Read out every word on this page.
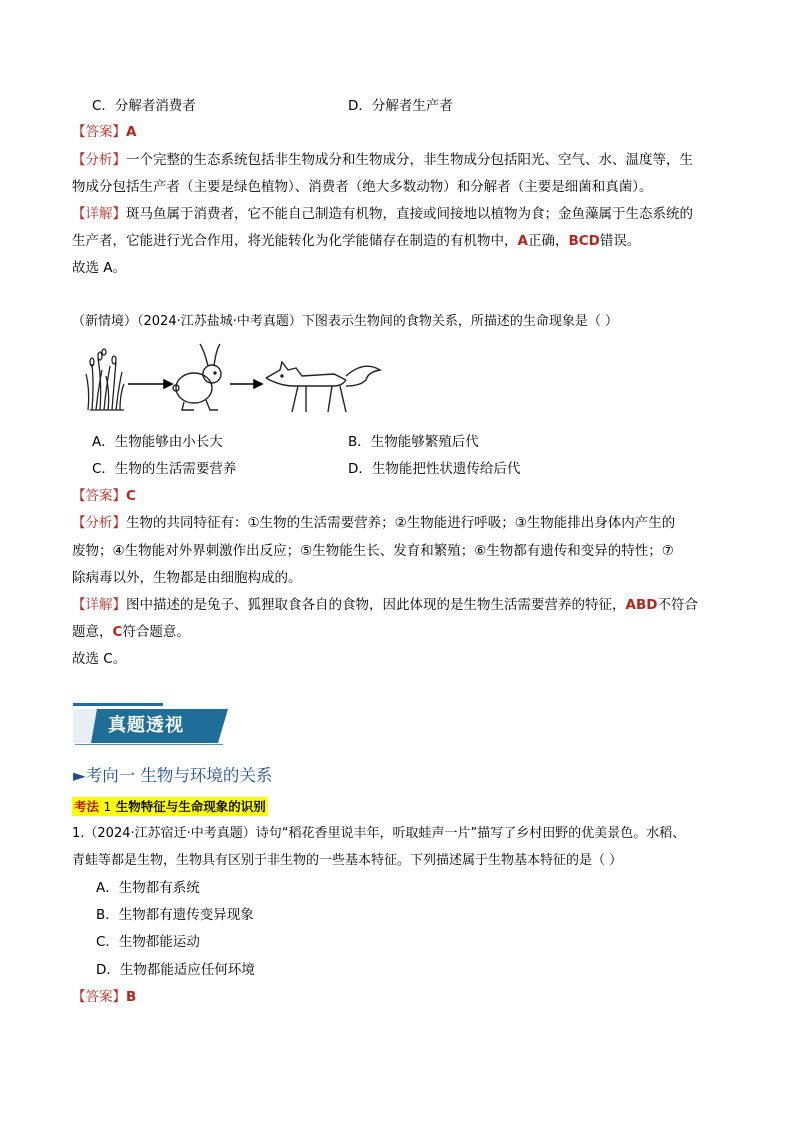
C．分解者消费者	D．分解者生产者
【答案】A
【分析】一个完整的生态系统包括非生物成分和生物成分，非生物成分包括阳光、空气、水、温度等，生
物成分包括生产者（主要是绿色植物）、消费者（绝大多数动物）和分解者（主要是细菌和真菌）。
【详解】斑马鱼属于消费者，它不能自己制造有机物，直接或间接地以植物为食；金鱼藻属于生态系统的
生产者，它能进行光合作用，将光能转化为化学能储存在制造的有机物中，A正确，BCD错误。
故选 A。
（新情境）（2024·江苏盐城·中考真题）下图表示生物间的食物关系，所描述的生命现象是（ ）
A．生物能够由小长大	B．生物能够繁殖后代
C．生物的生活需要营养	D．生物能把性状遗传给后代
【答案】C
【分析】生物的共同特征有：①生物的生活需要营养；②生物能进行呼吸；③生物能排出身体内产生的
废物；④生物能对外界刺激作出反应；⑤生物能生长、发育和繁殖；⑥生物都有遗传和变异的特性；⑦
除病毒以外，生物都是由细胞构成的。
【详解】图中描述的是兔子、狐狸取食各自的食物，因此体现的是生物生活需要营养的特征，ABD不符合
题意，C符合题意。
故选 C。
真题透视
►考向一 生物与环境的关系
考法 1 生物特征与生命现象的识别
1.（2024·江苏宿迁·中考真题）诗句“稻花香里说丰年，听取蛙声一片”描写了乡村田野的优美景色。水稻、
青蛙等都是生物，生物具有区别于非生物的一些基本特征。下列描述属于生物基本特征的是（ ）
A．生物都有系统
B．生物都有遗传变异现象
C．生物都能运动
D．生物都能适应任何环境
【答案】B
